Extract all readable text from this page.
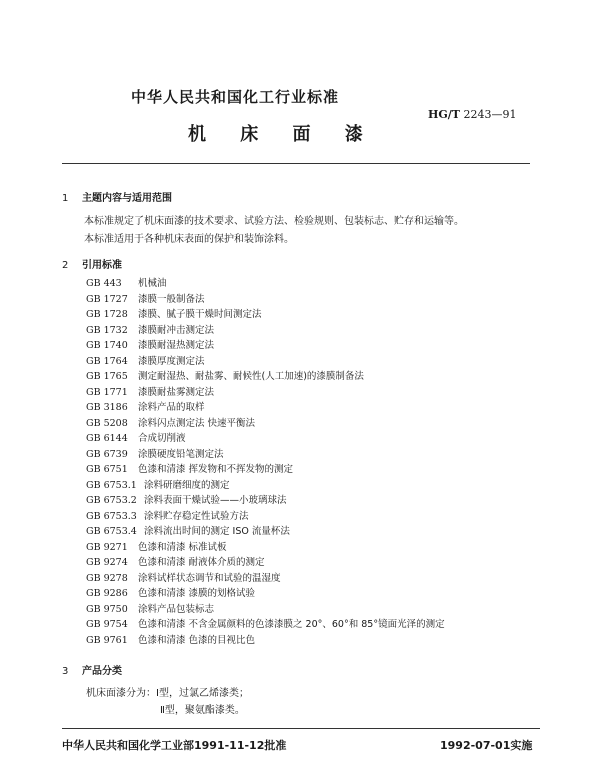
中华人民共和国化工行业标准
HG/T 2243—91
机 床 面 漆
1 主题内容与适用范围
本标准规定了机床面漆的技术要求、试验方法、检验规则、包装标志、贮存和运输等。
本标准适用于各种机床表面的保护和装饰涂料。
2 引用标准
GB 443 机械油
GB 1727 漆膜一般制备法
GB 1728 漆膜、腻子膜干燥时间测定法
GB 1732 漆膜耐冲击测定法
GB 1740 漆膜耐湿热测定法
GB 1764 漆膜厚度测定法
GB 1765 测定耐湿热、耐盐雾、耐候性(人工加速)的漆膜制备法
GB 1771 漆膜耐盐雾测定法
GB 3186 涂料产品的取样
GB 5208 涂料闪点测定法 快速平衡法
GB 6144 合成切削液
GB 6739 涂膜硬度铅笔测定法
GB 6751 色漆和清漆 挥发物和不挥发物的测定
GB 6753.1 涂料研磨细度的测定
GB 6753.2 涂料表面干燥试验——小玻璃球法
GB 6753.3 涂料贮存稳定性试验方法
GB 6753.4 涂料流出时间的测定 ISO 流量杯法
GB 9271 色漆和清漆 标准试板
GB 9274 色漆和清漆 耐液体介质的测定
GB 9278 涂料试样状态调节和试验的温湿度
GB 9286 色漆和清漆 漆膜的划格试验
GB 9750 涂料产品包装标志
GB 9754 色漆和清漆 不含金属颜料的色漆漆膜之 20°、60°和 85°镜面光泽的测定
GB 9761 色漆和清漆 色漆的目视比色
3 产品分类
机床面漆分为：Ⅰ型，过氯乙烯漆类；
Ⅱ型，聚氨酯漆类。
中华人民共和国化学工业部1991-11-12批准	1992-07-01实施
